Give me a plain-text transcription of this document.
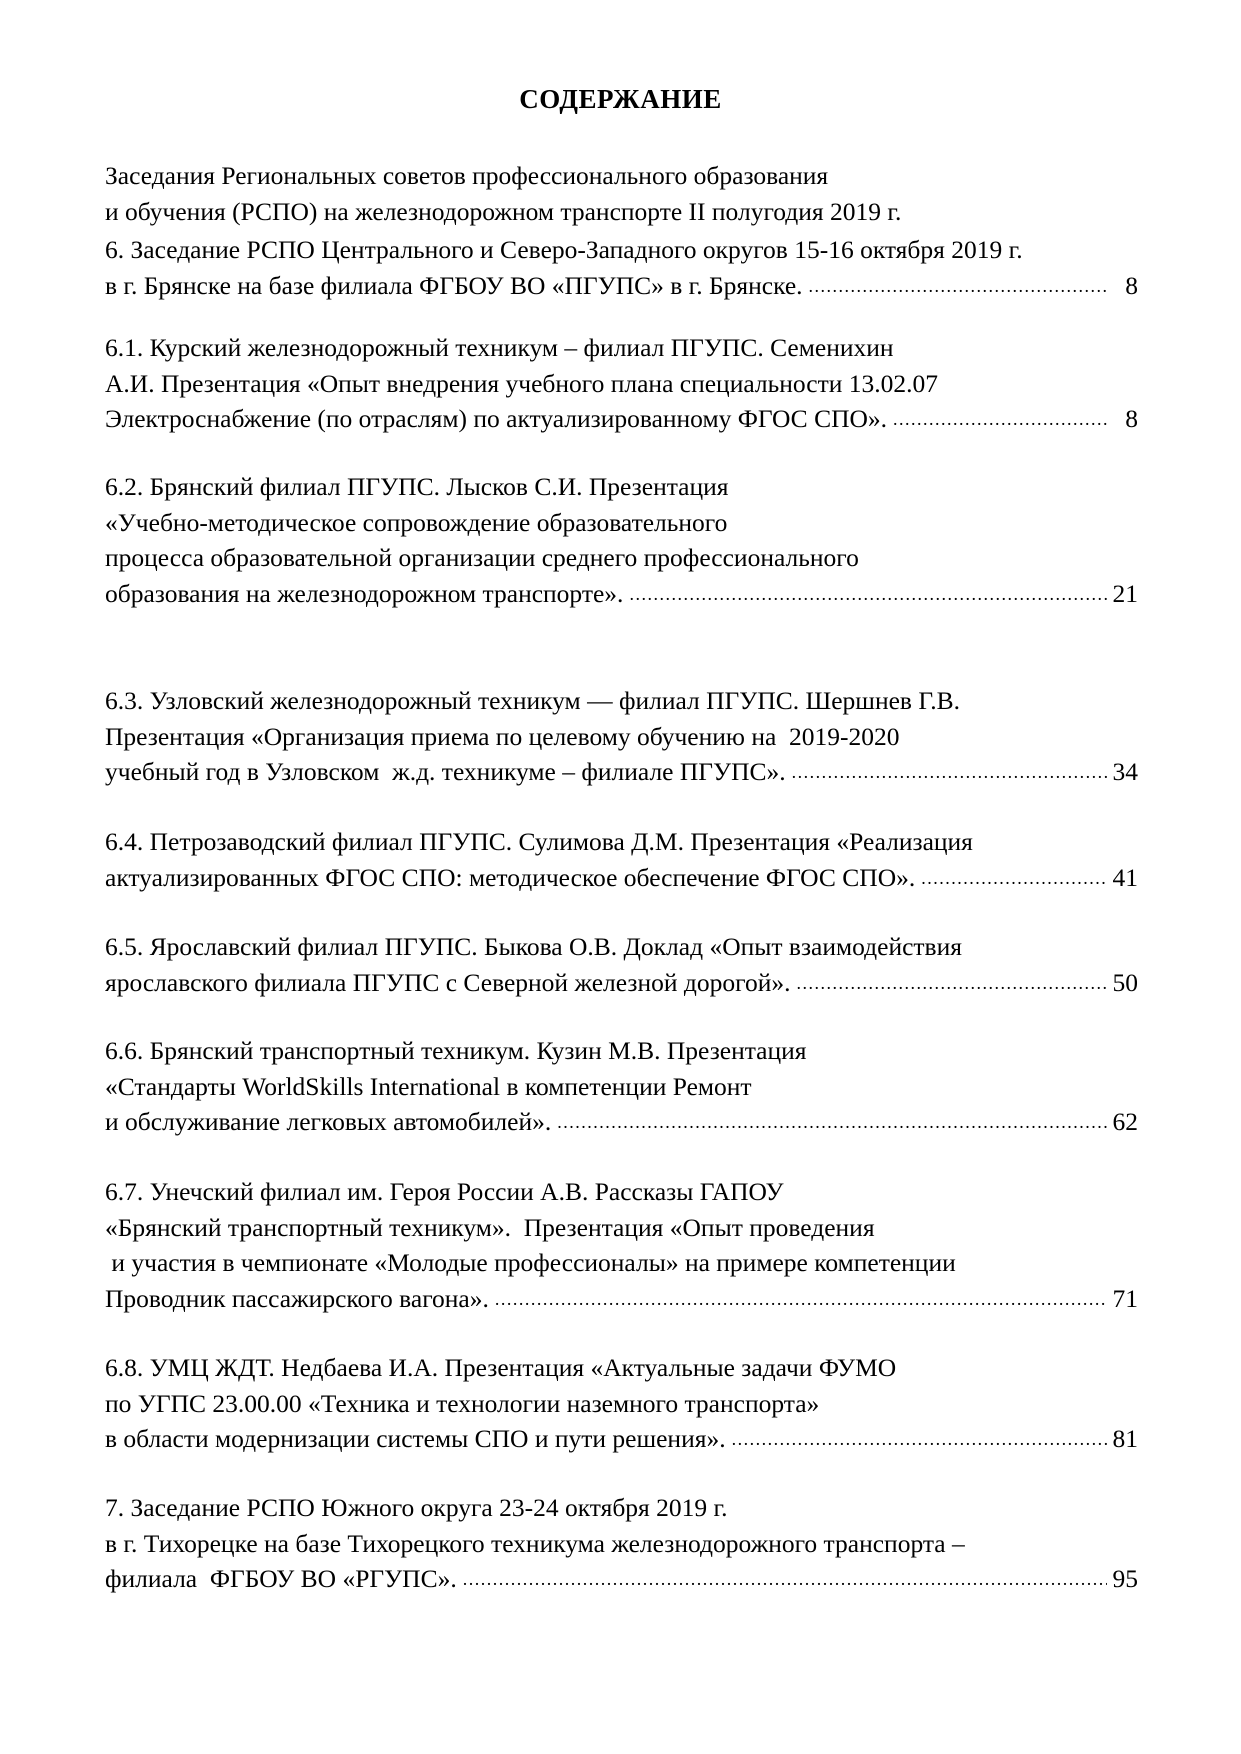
СОДЕРЖАНИЕ
Заседания Региональных советов профессионального образования
и обучения (РСПО) на железнодорожном транспорте II полугодия 2019 г.
6. Заседание РСПО Центрального и Северо-Западного округов 15-16 октября 2019 г.
в г. Брянске на базе филиала ФГБОУ ВО «ПГУПС» в г. Брянске. .....	8
6.1. Курский железнодорожный техникум – филиал ПГУПС. Семенихин
А.И. Презентация «Опыт внедрения учебного плана специальности 13.02.07
Электроснабжение (по отраслям) по актуализированному ФГОС СПО». .....	8
6.2. Брянский филиал ПГУПС. Лысков С.И. Презентация
«Учебно-методическое сопровождение образовательного
процесса образовательной организации среднего профессионального
образования на железнодорожном транспорте». .....	21
6.3. Узловский железнодорожный техникум — филиал ПГУПС. Шершнев Г.В.
Презентация «Организация приема по целевому обучению на  2019-2020
учебный год в Узловском  ж.д. техникуме – филиале ПГУПС». .....	34
6.4. Петрозаводский филиал ПГУПС. Сулимова Д.М. Презентация «Реализация
актуализированных ФГОС СПО: методическое обеспечение ФГОС СПО». .....	41
6.5. Ярославский филиал ПГУПС. Быкова О.В. Доклад «Опыт взаимодействия
ярославского филиала ПГУПС с Северной железной дорогой». .....	50
6.6. Брянский транспортный техникум. Кузин М.В. Презентация
«Стандарты WorldSkills International в компетенции Ремонт
и обслуживание легковых автомобилей». .....	62
6.7. Унечский филиал им. Героя России А.В. Рассказы ГАПОУ
«Брянский транспортный техникум».  Презентация «Опыт проведения
и участия в чемпионате «Молодые профессионалы» на примере компетенции
Проводник пассажирского вагона». .....	71
6.8. УМЦ ЖДТ. Недбаева И.А. Презентация «Актуальные задачи ФУМО
по УГПС 23.00.00 «Техника и технологии наземного транспорта»
в области модернизации системы СПО и пути решения». .....	81
7. Заседание РСПО Южного округа 23-24 октября 2019 г.
в г. Тихорецке на базе Тихорецкого техникума железнодорожного транспорта –
филиала  ФГБОУ ВО «РГУПС». .....	95
